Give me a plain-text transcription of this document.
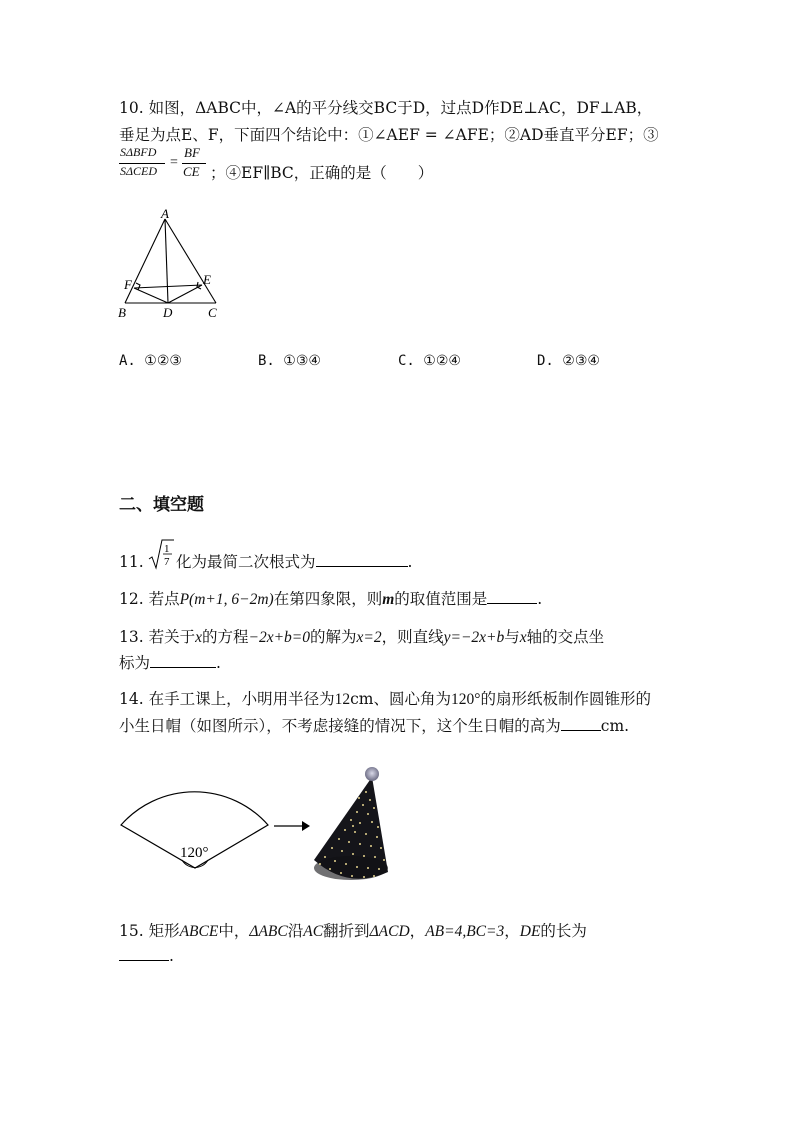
10. 如图，ΔABC中，∠A的平分线交BC于D，过点D作DE⊥AC，DF⊥AB，
垂足为点E、F，下面四个结论中：①∠AEF = ∠AFE；②AD垂直平分EF；③
SΔBFD
SΔCED
=
BF
CE ；④EF∥BC，正确的是（　　）
A
B	D	C
E
F
A. ①②③	B. ①③④	C. ①②④	D. ②③④
二、填空题
11.
1
7 化为最简二次根式为	.
12. 若点P(m+1, 6−2m)在第四象限，则m的取值范围是	.
13. 若关于x的方程−2x+b=0的解为x=2，则直线y=−2x+b与x轴的交点坐
标为	.
14. 在手工课上，小明用半径为12cm、圆心角为120°的扇形纸板制作圆锥形的
小生日帽（如图所示），不考虑接缝的情况下，这个生日帽的高为	cm.
120°
15. 矩形ABCE中，ΔABC沿AC翻折到ΔACD，AB=4,BC=3，DE的长为
.
